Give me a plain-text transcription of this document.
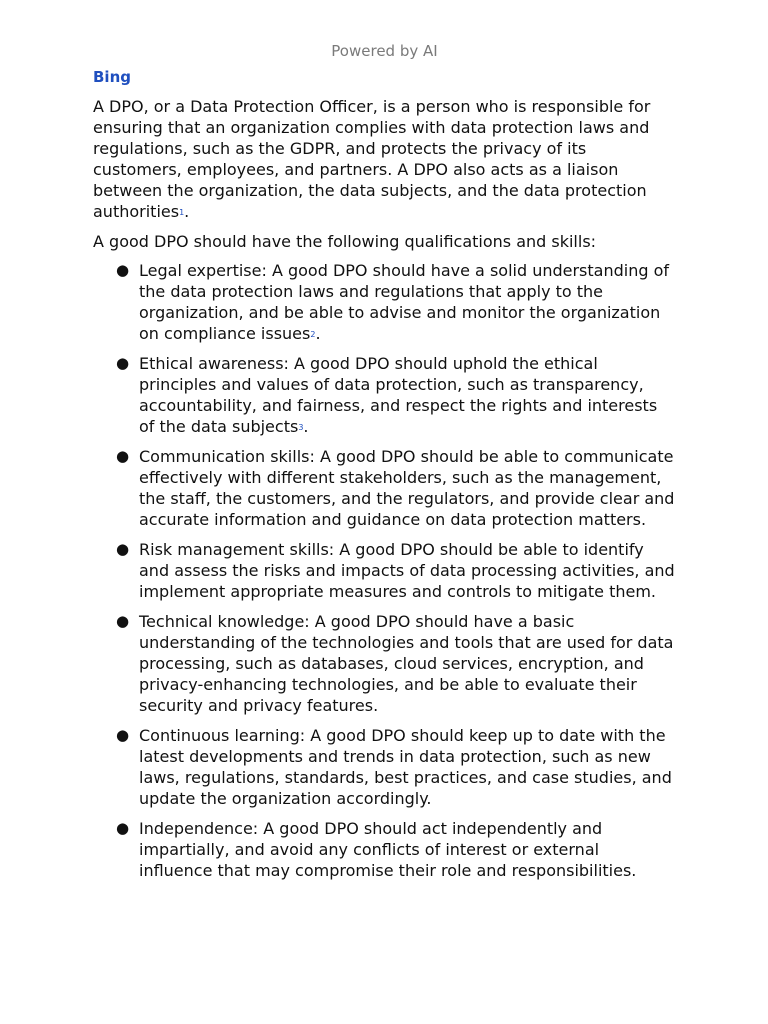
Powered by AI
Bing

A DPO, or a Data Protection Officer, is a person who is responsible for ensuring that an organization complies with data protection laws and regulations, such as the GDPR, and protects the privacy of its customers, employees, and partners. A DPO also acts as a liaison between the organization, the data subjects, and the data protection authorities$^1$.

A good DPO should have the following qualifications and skills:

● Legal expertise: A good DPO should have a solid understanding of the data protection laws and regulations that apply to the organization, and be able to advise and monitor the organization on compliance issues$^2$.
● Ethical awareness: A good DPO should uphold the ethical principles and values of data protection, such as transparency, accountability, and fairness, and respect the rights and interests of the data subjects$^3$.
● Communication skills: A good DPO should be able to communicate effectively with different stakeholders, such as the management, the staff, the customers, and the regulators, and provide clear and accurate information and guidance on data protection matters.
● Risk management skills: A good DPO should be able to identify and assess the risks and impacts of data processing activities, and implement appropriate measures and controls to mitigate them.
● Technical knowledge: A good DPO should have a basic understanding of the technologies and tools that are used for data processing, such as databases, cloud services, encryption, and privacy-enhancing technologies, and be able to evaluate their security and privacy features.
● Continuous learning: A good DPO should keep up to date with the latest developments and trends in data protection, such as new laws, regulations, standards, best practices, and case studies, and update the organization accordingly.
● Independence: A good DPO should act independently and impartially, and avoid any conflicts of interest or external influence that may compromise their role and responsibilities.
